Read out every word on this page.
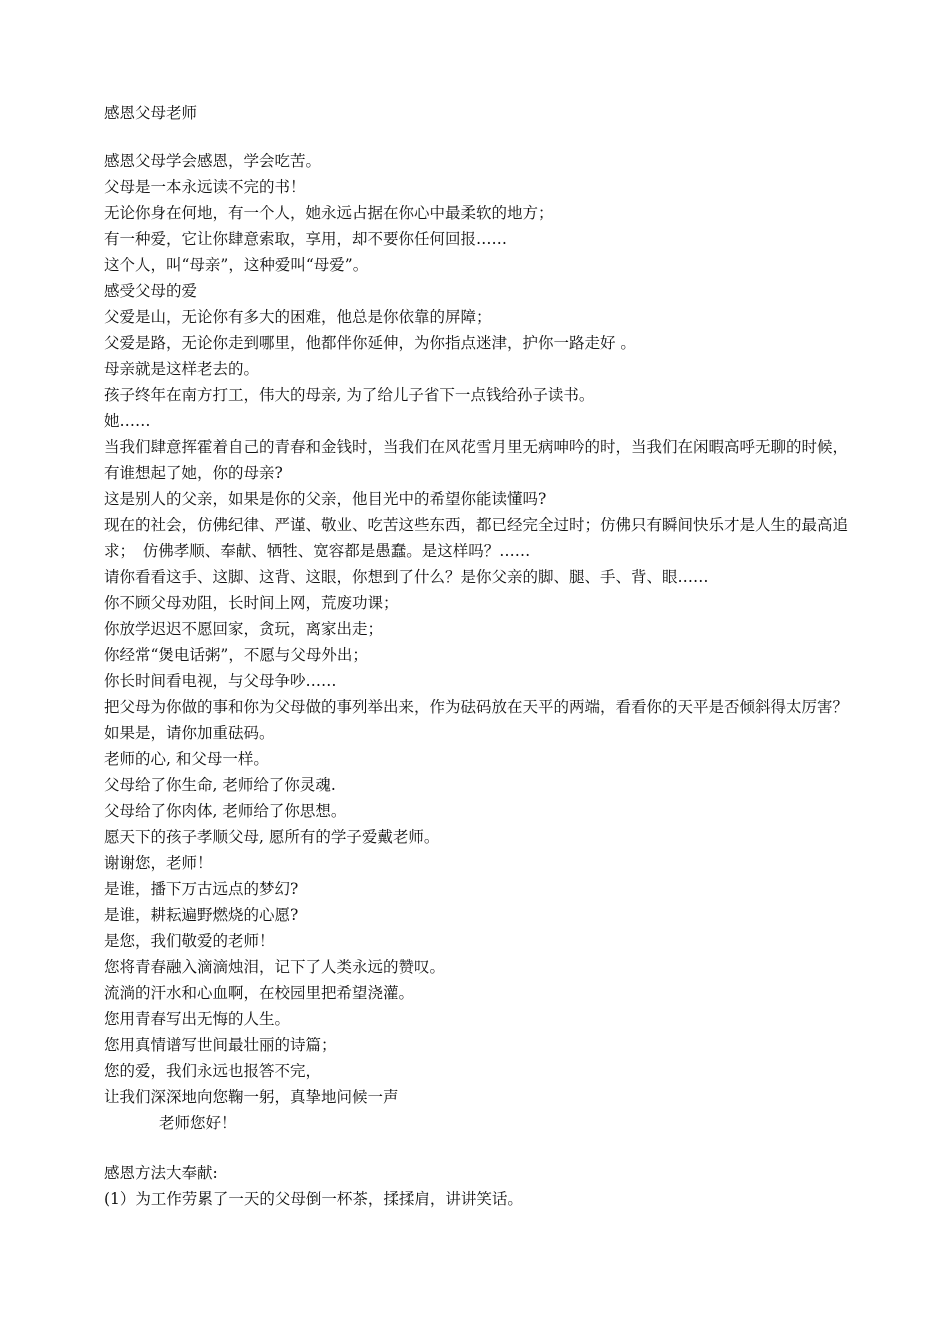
感恩父母老师
感恩父母学会感恩，学会吃苦。
父母是一本永远读不完的书！
无论你身在何地，有一个人，她永远占据在你心中最柔软的地方；
有一种爱，它让你肆意索取，享用，却不要你任何回报……
这个人，叫“母亲”，这种爱叫“母爱”。
感受父母的爱
父爱是山，无论你有多大的困难，他总是你依靠的屏障；
父爱是路，无论你走到哪里，他都伴你延伸，为你指点迷津，护你一路走好 。
母亲就是这样老去的。
孩子终年在南方打工，伟大的母亲, 为了给儿子省下一点钱给孙子读书。
她……
当我们肆意挥霍着自己的青春和金钱时，当我们在风花雪月里无病呻吟的时，当我们在闲暇高呼无聊的时候，有谁想起了她，你的母亲?
这是别人的父亲，如果是你的父亲，他目光中的希望你能读懂吗?
现在的社会，仿佛纪律、严谨、敬业、吃苦这些东西，都已经完全过时；仿佛只有瞬间快乐才是人生的最高追求；　仿佛孝顺、奉献、牺牲、宽容都是愚蠢。是这样吗？……
请你看看这手、这脚、这背、这眼，你想到了什么？是你父亲的脚、腿、手、背、眼……
你不顾父母劝阻，长时间上网，荒废功课；
你放学迟迟不愿回家，贪玩，离家出走；
你经常“煲电话粥”，不愿与父母外出；
你长时间看电视，与父母争吵……
把父母为你做的事和你为父母做的事列举出来，作为砝码放在天平的两端，看看你的天平是否倾斜得太厉害？如果是，请你加重砝码。
老师的心, 和父母一样。
父母给了你生命, 老师给了你灵魂.
父母给了你肉体, 老师给了你思想。
愿天下的孩子孝顺父母, 愿所有的学子爱戴老师。
谢谢您，老师！
是谁，播下万古远点的梦幻?
是谁，耕耘遍野燃烧的心愿?
是您，我们敬爱的老师！
您将青春融入滴滴烛泪，记下了人类永远的赞叹。
流淌的汗水和心血啊，在校园里把希望浇灌。
您用青春写出无悔的人生。
您用真情谱写世间最壮丽的诗篇；
您的爱，我们永远也报答不完，
让我们深深地向您鞠一躬，真挚地问候一声
老师您好！
感恩方法大奉献:
(1）为工作劳累了一天的父母倒一杯茶，揉揉肩，讲讲笑话。
